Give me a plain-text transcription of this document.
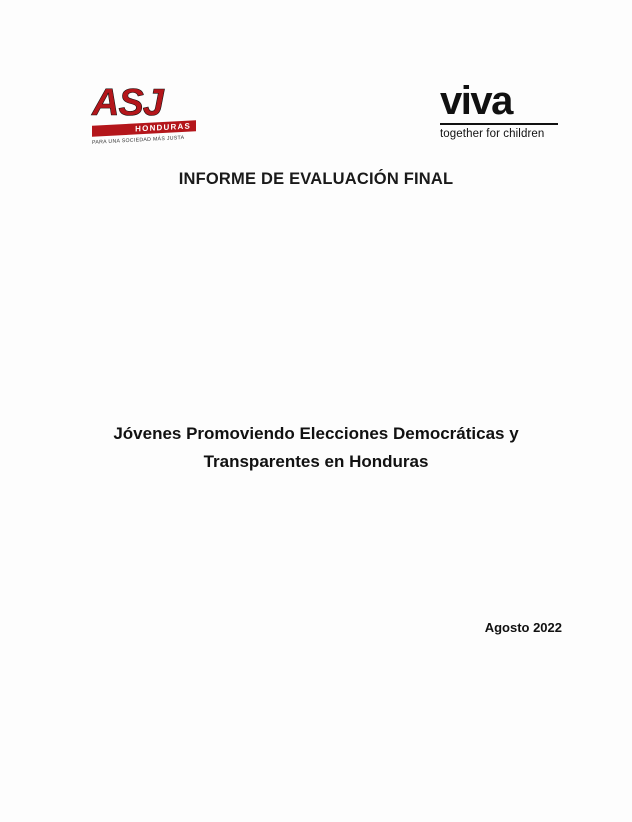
ASJ
HONDURAS
PARA UNA SOCIEDAD MÁS JUSTA
viva
together for children
INFORME DE EVALUACIÓN FINAL
Jóvenes Promoviendo Elecciones Democráticas y Transparentes en Honduras
Agosto 2022
